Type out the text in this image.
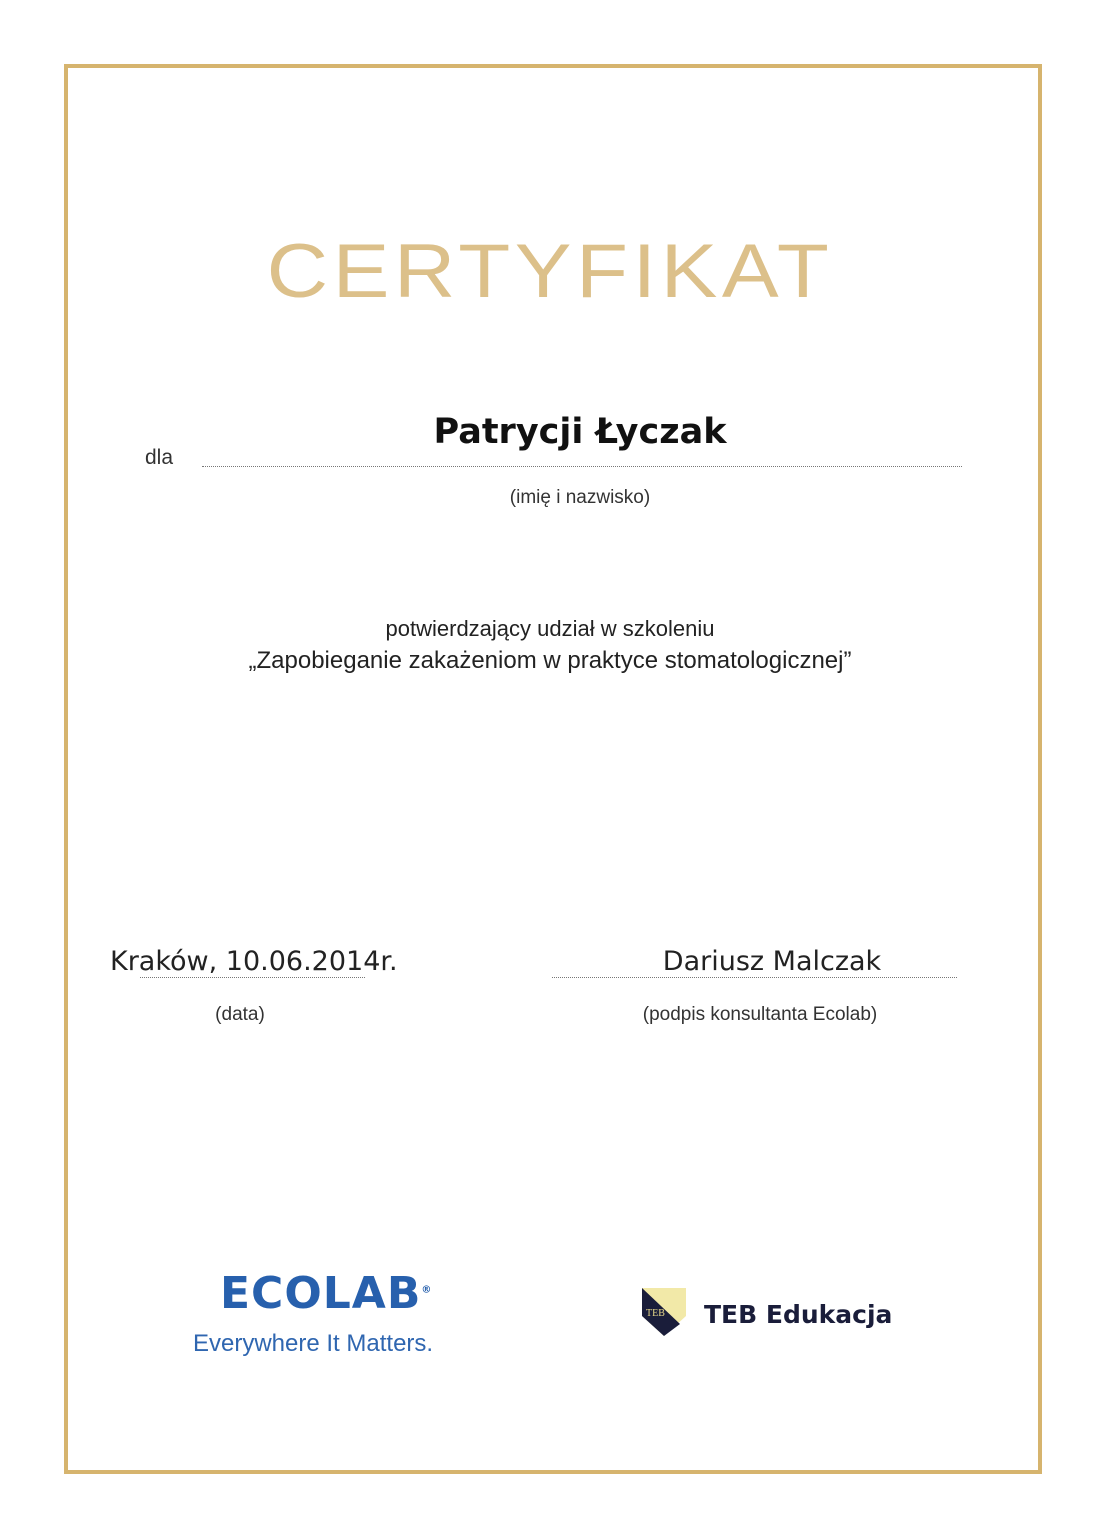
CERTYFIKAT
dla
Patrycji Łyczak
(imię i nazwisko)
potwierdzający udział w szkoleniu
„Zapobieganie zakażeniom w praktyce stomatologicznej”
Kraków, 10.06.2014r.
(data)
Dariusz Malczak
(podpis konsultanta Ecolab)
ECOLAB®
Everywhere It Matters.
TEB TEB Edukacja
